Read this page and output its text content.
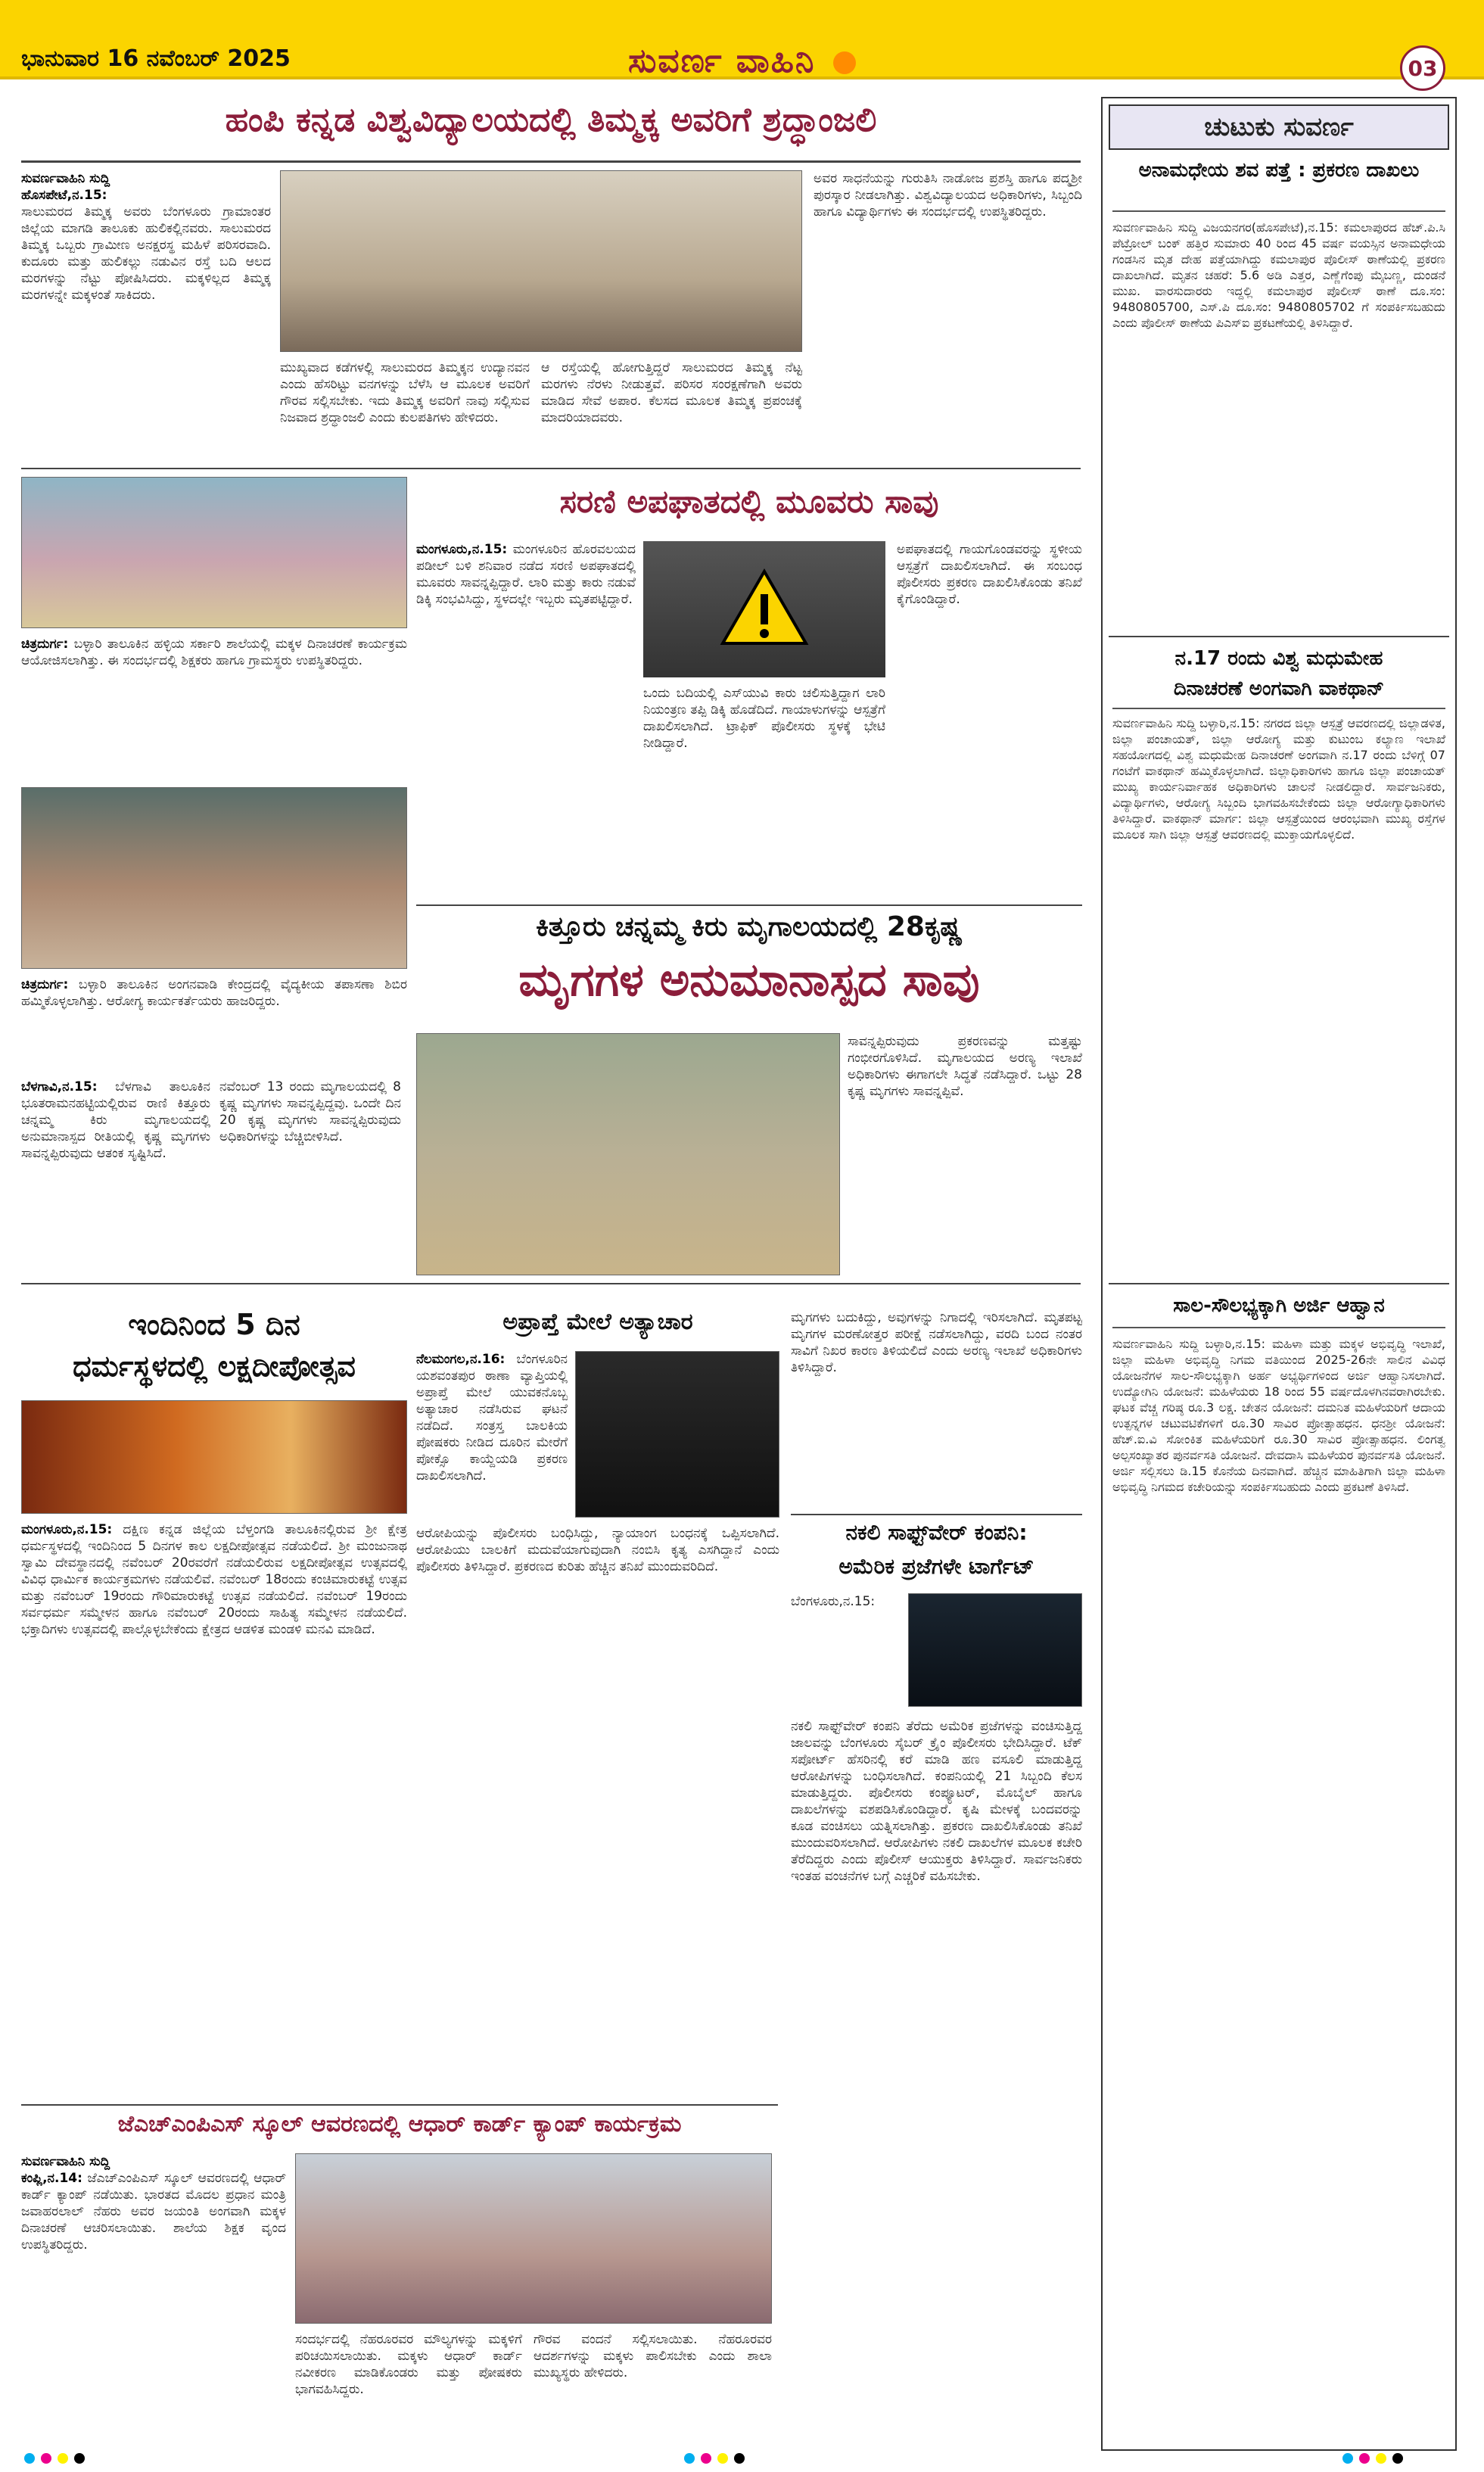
ಭಾನುವಾರ 16 ನವೆಂಬರ್ 2025	ಸುವರ್ಣ ವಾಹಿನಿ	03
ಹಂಪಿ ಕನ್ನಡ ವಿಶ್ವವಿದ್ಯಾಲಯದಲ್ಲಿ ತಿಮ್ಮಕ್ಕ ಅವರಿಗೆ ಶ್ರದ್ಧಾಂಜಲಿ
ಸುವರ್ಣವಾಹಿನಿ ಸುದ್ದಿ
ಹೊಸಪೇಟೆ,ನ.15:
ಸಾಲುಮರದ ತಿಮ್ಮಕ್ಕ ಅವರು ಬೆಂಗಳೂರು ಗ್ರಾಮಾಂತರ ಜಿಲ್ಲೆಯ ಮಾಗಡಿ ತಾಲೂಕು ಹುಲಿಕಲ್ಲಿನವರು. ಸಾಲುಮರದ ತಿಮ್ಮಕ್ಕ ಒಬ್ಬರು ಗ್ರಾಮೀಣ ಅನಕ್ಷರಸ್ಥ ಮಹಿಳೆ ಪರಿಸರವಾದಿ. ಕುದೂರು ಮತ್ತು ಹುಲಿಕಲ್ಲು ನಡುವಿನ ರಸ್ತೆ ಬದಿ ಆಲದ ಮರಗಳನ್ನು ನೆಟ್ಟು ಪೋಷಿಸಿದರು. ಮಕ್ಕಳಿಲ್ಲದ ತಿಮ್ಮಕ್ಕ ಮರಗಳನ್ನೇ ಮಕ್ಕಳಂತೆ ಸಾಕಿದರು.
ಮುಖ್ಯವಾದ ಕಡೆಗಳಲ್ಲಿ ಸಾಲುಮರದ ತಿಮ್ಮಕ್ಕನ ಉದ್ಯಾನವನ ಎಂದು ಹೆಸರಿಟ್ಟು ವನಗಳನ್ನು ಬೆಳೆಸಿ ಆ ಮೂಲಕ ಅವರಿಗೆ ಗೌರವ ಸಲ್ಲಿಸಬೇಕು. ಇದು ತಿಮ್ಮಕ್ಕ ಅವರಿಗೆ ನಾವು ಸಲ್ಲಿಸುವ ನಿಜವಾದ ಶ್ರದ್ಧಾಂಜಲಿ ಎಂದು ಕುಲಪತಿಗಳು ಹೇಳಿದರು.
ಆ ರಸ್ತೆಯಲ್ಲಿ ಹೋಗುತ್ತಿದ್ದರೆ ಸಾಲುಮರದ ತಿಮ್ಮಕ್ಕ ನೆಟ್ಟ ಮರಗಳು ನೆರಳು ನೀಡುತ್ತವೆ. ಪರಿಸರ ಸಂರಕ್ಷಣೆಗಾಗಿ ಅವರು ಮಾಡಿದ ಸೇವೆ ಅಪಾರ. ಕೆಲಸದ ಮೂಲಕ ತಿಮ್ಮಕ್ಕ ಪ್ರಪಂಚಕ್ಕೆ ಮಾದರಿಯಾದವರು.
ಅವರ ಸಾಧನೆಯನ್ನು ಗುರುತಿಸಿ ನಾಡೋಜ ಪ್ರಶಸ್ತಿ ಹಾಗೂ ಪದ್ಮಶ್ರೀ ಪುರಸ್ಕಾರ ನೀಡಲಾಗಿತ್ತು. ವಿಶ್ವವಿದ್ಯಾಲಯದ ಅಧಿಕಾರಿಗಳು, ಸಿಬ್ಬಂದಿ ಹಾಗೂ ವಿದ್ಯಾರ್ಥಿಗಳು ಈ ಸಂದರ್ಭದಲ್ಲಿ ಉಪಸ್ಥಿತರಿದ್ದರು.
ಚಿತ್ರದುರ್ಗ: ಬಳ್ಳಾರಿ ತಾಲೂಕಿನ ಹಳ್ಳಿಯ ಸರ್ಕಾರಿ ಶಾಲೆಯಲ್ಲಿ ಮಕ್ಕಳ ದಿನಾಚರಣೆ ಕಾರ್ಯಕ್ರಮ ಆಯೋಜಿಸಲಾಗಿತ್ತು. ಈ ಸಂದರ್ಭದಲ್ಲಿ ಶಿಕ್ಷಕರು ಹಾಗೂ ಗ್ರಾಮಸ್ಥರು ಉಪಸ್ಥಿತರಿದ್ದರು.
ಚಿತ್ರದುರ್ಗ: ಬಳ್ಳಾರಿ ತಾಲೂಕಿನ ಅಂಗನವಾಡಿ ಕೇಂದ್ರದಲ್ಲಿ ವೈದ್ಯಕೀಯ ತಪಾಸಣಾ ಶಿಬಿರ ಹಮ್ಮಿಕೊಳ್ಳಲಾಗಿತ್ತು. ಆರೋಗ್ಯ ಕಾರ್ಯಕರ್ತೆಯರು ಹಾಜರಿದ್ದರು.
ಸರಣಿ ಅಪಘಾತದಲ್ಲಿ ಮೂವರು ಸಾವು
ಮಂಗಳೂರು,ನ.15: ಮಂಗಳೂರಿನ ಹೊರವಲಯದ ಪಡೀಲ್ ಬಳಿ ಶನಿವಾರ ನಡೆದ ಸರಣಿ ಅಪಘಾತದಲ್ಲಿ ಮೂವರು ಸಾವನ್ನಪ್ಪಿದ್ದಾರೆ. ಲಾರಿ ಮತ್ತು ಕಾರು ನಡುವೆ ಡಿಕ್ಕಿ ಸಂಭವಿಸಿದ್ದು, ಸ್ಥಳದಲ್ಲೇ ಇಬ್ಬರು ಮೃತಪಟ್ಟಿದ್ದಾರೆ.
ಒಂದು ಬದಿಯಲ್ಲಿ ಎಸ್‌ಯುವಿ ಕಾರು ಚಲಿಸುತ್ತಿದ್ದಾಗ ಲಾರಿ ನಿಯಂತ್ರಣ ತಪ್ಪಿ ಡಿಕ್ಕಿ ಹೊಡೆದಿದೆ. ಗಾಯಾಳುಗಳನ್ನು ಆಸ್ಪತ್ರೆಗೆ ದಾಖಲಿಸಲಾಗಿದೆ. ಟ್ರಾಫಿಕ್ ಪೊಲೀಸರು ಸ್ಥಳಕ್ಕೆ ಭೇಟಿ ನೀಡಿದ್ದಾರೆ.
ಅಪಘಾತದಲ್ಲಿ ಗಾಯಗೊಂಡವರನ್ನು ಸ್ಥಳೀಯ ಆಸ್ಪತ್ರೆಗೆ ದಾಖಲಿಸಲಾಗಿದೆ. ಈ ಸಂಬಂಧ ಪೊಲೀಸರು ಪ್ರಕರಣ ದಾಖಲಿಸಿಕೊಂಡು ತನಿಖೆ ಕೈಗೊಂಡಿದ್ದಾರೆ.
ಕಿತ್ತೂರು ಚನ್ನಮ್ಮ ಕಿರು ಮೃಗಾಲಯದಲ್ಲಿ 28ಕೃಷ್ಣ
ಮೃಗಗಳ ಅನುಮಾನಾಸ್ಪದ ಸಾವು
ಬೆಳಗಾವಿ,ನ.15: ಬೆಳಗಾವಿ ತಾಲೂಕಿನ ಭೂತರಾಮನಹಟ್ಟಿಯಲ್ಲಿರುವ ರಾಣಿ ಕಿತ್ತೂರು ಚನ್ನಮ್ಮ ಕಿರು ಮೃಗಾಲಯದಲ್ಲಿ ಅನುಮಾನಾಸ್ಪದ ರೀತಿಯಲ್ಲಿ ಕೃಷ್ಣ ಮೃಗಗಳು ಸಾವನ್ನಪ್ಪಿರುವುದು ಆತಂಕ ಸೃಷ್ಟಿಸಿದೆ.
ನವೆಂಬರ್ 13 ರಂದು ಮೃಗಾಲಯದಲ್ಲಿ 8 ಕೃಷ್ಣ ಮೃಗಗಳು ಸಾವನ್ನಪ್ಪಿದ್ದವು. ಒಂದೇ ದಿನ 20 ಕೃಷ್ಣ ಮೃಗಗಳು ಸಾವನ್ನಪ್ಪಿರುವುದು ಅಧಿಕಾರಿಗಳನ್ನು ಬೆಚ್ಚಿಬೀಳಿಸಿದೆ.
ಸಾವನ್ನಪ್ಪಿರುವುದು ಪ್ರಕರಣವನ್ನು ಮತ್ತಷ್ಟು ಗಂಭೀರಗೊಳಿಸಿದೆ. ಮೃಗಾಲಯದ ಅರಣ್ಯ ಇಲಾಖೆ ಅಧಿಕಾರಿಗಳು ಈಗಾಗಲೇ ಸಿದ್ಧತೆ ನಡೆಸಿದ್ದಾರೆ. ಒಟ್ಟು 28 ಕೃಷ್ಣ ಮೃಗಗಳು ಸಾವನ್ನಪ್ಪಿವೆ.
ಇಂದಿನಿಂದ 5 ದಿನ
ಧರ್ಮಸ್ಥಳದಲ್ಲಿ ಲಕ್ಷದೀಪೋತ್ಸವ
ಮಂಗಳೂರು,ನ.15: ದಕ್ಷಿಣ ಕನ್ನಡ ಜಿಲ್ಲೆಯ ಬೆಳ್ತಂಗಡಿ ತಾಲೂಕಿನಲ್ಲಿರುವ ಶ್ರೀ ಕ್ಷೇತ್ರ ಧರ್ಮಸ್ಥಳದಲ್ಲಿ ಇಂದಿನಿಂದ 5 ದಿನಗಳ ಕಾಲ ಲಕ್ಷದೀಪೋತ್ಸವ ನಡೆಯಲಿದೆ. ಶ್ರೀ ಮಂಜುನಾಥ ಸ್ವಾಮಿ ದೇವಸ್ಥಾನದಲ್ಲಿ ನವೆಂಬರ್ 20ರವರೆಗೆ ನಡೆಯಲಿರುವ ಲಕ್ಷದೀಪೋತ್ಸವ ಉತ್ಸವದಲ್ಲಿ ವಿವಿಧ ಧಾರ್ಮಿಕ ಕಾರ್ಯಕ್ರಮಗಳು ನಡೆಯಲಿವೆ. ನವೆಂಬರ್ 18ರಂದು ಕಂಚಿಮಾರುಕಟ್ಟೆ ಉತ್ಸವ ಮತ್ತು ನವೆಂಬರ್ 19ರಂದು ಗೌರಿಮಾರುಕಟ್ಟೆ ಉತ್ಸವ ನಡೆಯಲಿದೆ. ನವೆಂಬರ್ 19ರಂದು ಸರ್ವಧರ್ಮ ಸಮ್ಮೇಳನ ಹಾಗೂ ನವೆಂಬರ್ 20ರಂದು ಸಾಹಿತ್ಯ ಸಮ್ಮೇಳನ ನಡೆಯಲಿದೆ. ಭಕ್ತಾದಿಗಳು ಉತ್ಸವದಲ್ಲಿ ಪಾಲ್ಗೊಳ್ಳಬೇಕೆಂದು ಕ್ಷೇತ್ರದ ಆಡಳಿತ ಮಂಡಳಿ ಮನವಿ ಮಾಡಿದೆ.
ಅಪ್ರಾಪ್ತೆ ಮೇಲೆ ಅತ್ಯಾಚಾರ
ನೆಲಮಂಗಲ,ನ.16: ಬೆಂಗಳೂರಿನ ಯಶವಂತಪುರ ಠಾಣಾ ವ್ಯಾಪ್ತಿಯಲ್ಲಿ ಅಪ್ರಾಪ್ತೆ ಮೇಲೆ ಯುವಕನೊಬ್ಬ ಅತ್ಯಾಚಾರ ನಡೆಸಿರುವ ಘಟನೆ ನಡೆದಿದೆ. ಸಂತ್ರಸ್ತ ಬಾಲಕಿಯ ಪೋಷಕರು ನೀಡಿದ ದೂರಿನ ಮೇರೆಗೆ ಪೋಕ್ಸೊ ಕಾಯ್ದೆಯಡಿ ಪ್ರಕರಣ ದಾಖಲಿಸಲಾಗಿದೆ.
ಆರೋಪಿಯನ್ನು ಪೊಲೀಸರು ಬಂಧಿಸಿದ್ದು, ನ್ಯಾಯಾಂಗ ಬಂಧನಕ್ಕೆ ಒಪ್ಪಿಸಲಾಗಿದೆ. ಆರೋಪಿಯು ಬಾಲಕಿಗೆ ಮದುವೆಯಾಗುವುದಾಗಿ ನಂಬಿಸಿ ಕೃತ್ಯ ಎಸಗಿದ್ದಾನೆ ಎಂದು ಪೊಲೀಸರು ತಿಳಿಸಿದ್ದಾರೆ. ಪ್ರಕರಣದ ಕುರಿತು ಹೆಚ್ಚಿನ ತನಿಖೆ ಮುಂದುವರಿದಿದೆ.
ಮೃಗಗಳು ಬದುಕಿದ್ದು, ಅವುಗಳನ್ನು ನಿಗಾದಲ್ಲಿ ಇರಿಸಲಾಗಿದೆ. ಮೃತಪಟ್ಟ ಮೃಗಗಳ ಮರಣೋತ್ತರ ಪರೀಕ್ಷೆ ನಡೆಸಲಾಗಿದ್ದು, ವರದಿ ಬಂದ ನಂತರ ಸಾವಿಗೆ ನಿಖರ ಕಾರಣ ತಿಳಿಯಲಿದೆ ಎಂದು ಅರಣ್ಯ ಇಲಾಖೆ ಅಧಿಕಾರಿಗಳು ತಿಳಿಸಿದ್ದಾರೆ.
ನಕಲಿ ಸಾಫ್ಟ್‌ವೇರ್ ಕಂಪನಿ:
ಅಮೆರಿಕ ಪ್ರಜೆಗಳೇ ಟಾರ್ಗೆಟ್
ಬೆಂಗಳೂರು,ನ.15:
ನಕಲಿ ಸಾಫ್ಟ್‌ವೇರ್ ಕಂಪನಿ ತೆರೆದು ಅಮೆರಿಕ ಪ್ರಜೆಗಳನ್ನು ವಂಚಿಸುತ್ತಿದ್ದ ಜಾಲವನ್ನು ಬೆಂಗಳೂರು ಸೈಬರ್ ಕ್ರೈಂ ಪೊಲೀಸರು ಭೇದಿಸಿದ್ದಾರೆ. ಟೆಕ್ ಸಪೋರ್ಟ್ ಹೆಸರಿನಲ್ಲಿ ಕರೆ ಮಾಡಿ ಹಣ ವಸೂಲಿ ಮಾಡುತ್ತಿದ್ದ ಆರೋಪಿಗಳನ್ನು ಬಂಧಿಸಲಾಗಿದೆ. ಕಂಪನಿಯಲ್ಲಿ 21 ಸಿಬ್ಬಂದಿ ಕೆಲಸ ಮಾಡುತ್ತಿದ್ದರು. ಪೊಲೀಸರು ಕಂಪ್ಯೂಟರ್, ಮೊಬೈಲ್ ಹಾಗೂ ದಾಖಲೆಗಳನ್ನು ವಶಪಡಿಸಿಕೊಂಡಿದ್ದಾರೆ. ಕೃಷಿ ಮೇಳಕ್ಕೆ ಬಂದವರನ್ನು ಕೂಡ ವಂಚಿಸಲು ಯತ್ನಿಸಲಾಗಿತ್ತು. ಪ್ರಕರಣ ದಾಖಲಿಸಿಕೊಂಡು ತನಿಖೆ ಮುಂದುವರಿಸಲಾಗಿದೆ. ಆರೋಪಿಗಳು ನಕಲಿ ದಾಖಲೆಗಳ ಮೂಲಕ ಕಚೇರಿ ತೆರೆದಿದ್ದರು ಎಂದು ಪೊಲೀಸ್ ಆಯುಕ್ತರು ತಿಳಿಸಿದ್ದಾರೆ. ಸಾರ್ವಜನಿಕರು ಇಂತಹ ವಂಚನೆಗಳ ಬಗ್ಗೆ ಎಚ್ಚರಿಕೆ ವಹಿಸಬೇಕು.
ಜೆಎಚ್‌ಎಂಪಿಎಸ್ ಸ್ಕೂಲ್ ಆವರಣದಲ್ಲಿ ಆಧಾರ್ ಕಾರ್ಡ್ ಕ್ಯಾಂಪ್ ಕಾರ್ಯಕ್ರಮ
ಸುವರ್ಣವಾಹಿನಿ ಸುದ್ದಿ
ಕಂಪ್ಲಿ,ನ.14: ಜೆಎಚ್‌ಎಂಪಿಎಸ್ ಸ್ಕೂಲ್ ಆವರಣದಲ್ಲಿ ಆಧಾರ್ ಕಾರ್ಡ್ ಕ್ಯಾಂಪ್ ನಡೆಯಿತು. ಭಾರತದ ಮೊದಲ ಪ್ರಧಾನ ಮಂತ್ರಿ ಜವಾಹರಲಾಲ್ ನೆಹರು ಅವರ ಜಯಂತಿ ಅಂಗವಾಗಿ ಮಕ್ಕಳ ದಿನಾಚರಣೆ ಆಚರಿಸಲಾಯಿತು. ಶಾಲೆಯ ಶಿಕ್ಷಕ ವೃಂದ ಉಪಸ್ಥಿತರಿದ್ದರು.
ಸಂದರ್ಭದಲ್ಲಿ ನೆಹರೂರವರ ಮೌಲ್ಯಗಳನ್ನು ಮಕ್ಕಳಿಗೆ ಪರಿಚಯಿಸಲಾಯಿತು. ಮಕ್ಕಳು ಆಧಾರ್ ಕಾರ್ಡ್ ನವೀಕರಣ ಮಾಡಿಕೊಂಡರು ಮತ್ತು ಪೋಷಕರು ಭಾಗವಹಿಸಿದ್ದರು.
ಗೌರವ ವಂದನೆ ಸಲ್ಲಿಸಲಾಯಿತು. ನೆಹರೂರವರ ಆದರ್ಶಗಳನ್ನು ಮಕ್ಕಳು ಪಾಲಿಸಬೇಕು ಎಂದು ಶಾಲಾ ಮುಖ್ಯಸ್ಥರು ಹೇಳಿದರು.
ಚುಟುಕು ಸುವರ್ಣ
ಅನಾಮಧೇಯ ಶವ ಪತ್ತೆ : ಪ್ರಕರಣ ದಾಖಲು
ಸುವರ್ಣವಾಹಿನಿ ಸುದ್ದಿ ವಿಜಯನಗರ(ಹೊಸಪೇಟೆ),ನ.15: ಕಮಲಾಪುರದ ಹೆಚ್.ಪಿ.ಸಿ ಪೆಟ್ರೋಲ್ ಬಂಕ್ ಹತ್ತಿರ ಸುಮಾರು 40 ರಿಂದ 45 ವರ್ಷ ವಯಸ್ಸಿನ ಅನಾಮಧೇಯ ಗಂಡಸಿನ ಮೃತ ದೇಹ ಪತ್ತೆಯಾಗಿದ್ದು ಕಮಲಾಪುರ ಪೊಲೀಸ್ ಠಾಣೆಯಲ್ಲಿ ಪ್ರಕರಣ ದಾಖಲಾಗಿದೆ. ಮೃತನ ಚಹರೆ: 5.6 ಅಡಿ ಎತ್ತರ, ಎಣ್ಣೆಗೆಂಪು ಮೈಬಣ್ಣ, ದುಂಡನೆ ಮುಖ. ವಾರಸುದಾರರು ಇದ್ದಲ್ಲಿ ಕಮಲಾಪುರ ಪೊಲೀಸ್ ಠಾಣೆ ದೂ.ಸಂ: 9480805700, ಎಸ್.ಪಿ ದೂ.ಸಂ: 9480805702 ಗೆ ಸಂಪರ್ಕಿಸಬಹುದು ಎಂದು ಪೊಲೀಸ್ ಠಾಣೆಯ ಪಿಎಸ್‌ಐ ಪ್ರಕಟಣೆಯಲ್ಲಿ ತಿಳಿಸಿದ್ದಾರೆ.
ನ.17 ರಂದು ವಿಶ್ವ ಮಧುಮೇಹ
ದಿನಾಚರಣೆ ಅಂಗವಾಗಿ ವಾಕಥಾನ್
ಸುವರ್ಣವಾಹಿನಿ ಸುದ್ದಿ ಬಳ್ಳಾರಿ,ನ.15: ನಗರದ ಜಿಲ್ಲಾ ಆಸ್ಪತ್ರೆ ಆವರಣದಲ್ಲಿ ಜಿಲ್ಲಾಡಳಿತ, ಜಿಲ್ಲಾ ಪಂಚಾಯತ್, ಜಿಲ್ಲಾ ಆರೋಗ್ಯ ಮತ್ತು ಕುಟುಂಬ ಕಲ್ಯಾಣ ಇಲಾಖೆ ಸಹಯೋಗದಲ್ಲಿ ವಿಶ್ವ ಮಧುಮೇಹ ದಿನಾಚರಣೆ ಅಂಗವಾಗಿ ನ.17 ರಂದು ಬೆಳಿಗ್ಗೆ 07 ಗಂಟೆಗೆ ವಾಕಥಾನ್ ಹಮ್ಮಿಕೊಳ್ಳಲಾಗಿದೆ. ಜಿಲ್ಲಾಧಿಕಾರಿಗಳು ಹಾಗೂ ಜಿಲ್ಲಾ ಪಂಚಾಯತ್ ಮುಖ್ಯ ಕಾರ್ಯನಿರ್ವಾಹಕ ಅಧಿಕಾರಿಗಳು ಚಾಲನೆ ನೀಡಲಿದ್ದಾರೆ. ಸಾರ್ವಜನಿಕರು, ವಿದ್ಯಾರ್ಥಿಗಳು, ಆರೋಗ್ಯ ಸಿಬ್ಬಂದಿ ಭಾಗವಹಿಸಬೇಕೆಂದು ಜಿಲ್ಲಾ ಆರೋಗ್ಯಾಧಿಕಾರಿಗಳು ತಿಳಿಸಿದ್ದಾರೆ. ವಾಕಥಾನ್ ಮಾರ್ಗ: ಜಿಲ್ಲಾ ಆಸ್ಪತ್ರೆಯಿಂದ ಆರಂಭವಾಗಿ ಮುಖ್ಯ ರಸ್ತೆಗಳ ಮೂಲಕ ಸಾಗಿ ಜಿಲ್ಲಾ ಆಸ್ಪತ್ರೆ ಆವರಣದಲ್ಲಿ ಮುಕ್ತಾಯಗೊಳ್ಳಲಿದೆ.
ಸಾಲ-ಸೌಲಭ್ಯಕ್ಕಾಗಿ ಅರ್ಜಿ ಆಹ್ವಾನ
ಸುವರ್ಣವಾಹಿನಿ ಸುದ್ದಿ ಬಳ್ಳಾರಿ,ನ.15: ಮಹಿಳಾ ಮತ್ತು ಮಕ್ಕಳ ಅಭಿವೃದ್ಧಿ ಇಲಾಖೆ, ಜಿಲ್ಲಾ ಮಹಿಳಾ ಅಭಿವೃದ್ಧಿ ನಿಗಮ ವತಿಯಿಂದ 2025-26ನೇ ಸಾಲಿನ ವಿವಿಧ ಯೋಜನೆಗಳ ಸಾಲ-ಸೌಲಭ್ಯಕ್ಕಾಗಿ ಅರ್ಹ ಅಭ್ಯರ್ಥಿಗಳಿಂದ ಅರ್ಜಿ ಆಹ್ವಾನಿಸಲಾಗಿದೆ. ಉದ್ಯೋಗಿನಿ ಯೋಜನೆ: ಮಹಿಳೆಯರು 18 ರಿಂದ 55 ವರ್ಷದೊಳಗಿನವರಾಗಿರಬೇಕು. ಘಟಕ ವೆಚ್ಚ ಗರಿಷ್ಠ ರೂ.3 ಲಕ್ಷ. ಚೇತನ ಯೋಜನೆ: ದಮನಿತ ಮಹಿಳೆಯರಿಗೆ ಆದಾಯ ಉತ್ಪನ್ನಗಳ ಚಟುವಟಿಕೆಗಳಿಗೆ ರೂ.30 ಸಾವಿರ ಪ್ರೋತ್ಸಾಹಧನ. ಧನಶ್ರೀ ಯೋಜನೆ: ಹೆಚ್.ಐ.ವಿ ಸೋಂಕಿತ ಮಹಿಳೆಯರಿಗೆ ರೂ.30 ಸಾವಿರ ಪ್ರೋತ್ಸಾಹಧನ. ಲಿಂಗತ್ವ ಅಲ್ಪಸಂಖ್ಯಾತರ ಪುನರ್ವಸತಿ ಯೋಜನೆ. ದೇವದಾಸಿ ಮಹಿಳೆಯರ ಪುನರ್ವಸತಿ ಯೋಜನೆ. ಅರ್ಜಿ ಸಲ್ಲಿಸಲು ಡಿ.15 ಕೊನೆಯ ದಿನವಾಗಿದೆ. ಹೆಚ್ಚಿನ ಮಾಹಿತಿಗಾಗಿ ಜಿಲ್ಲಾ ಮಹಿಳಾ ಅಭಿವೃದ್ಧಿ ನಿಗಮದ ಕಚೇರಿಯನ್ನು ಸಂಪರ್ಕಿಸಬಹುದು ಎಂದು ಪ್ರಕಟಣೆ ತಿಳಿಸಿದೆ.
